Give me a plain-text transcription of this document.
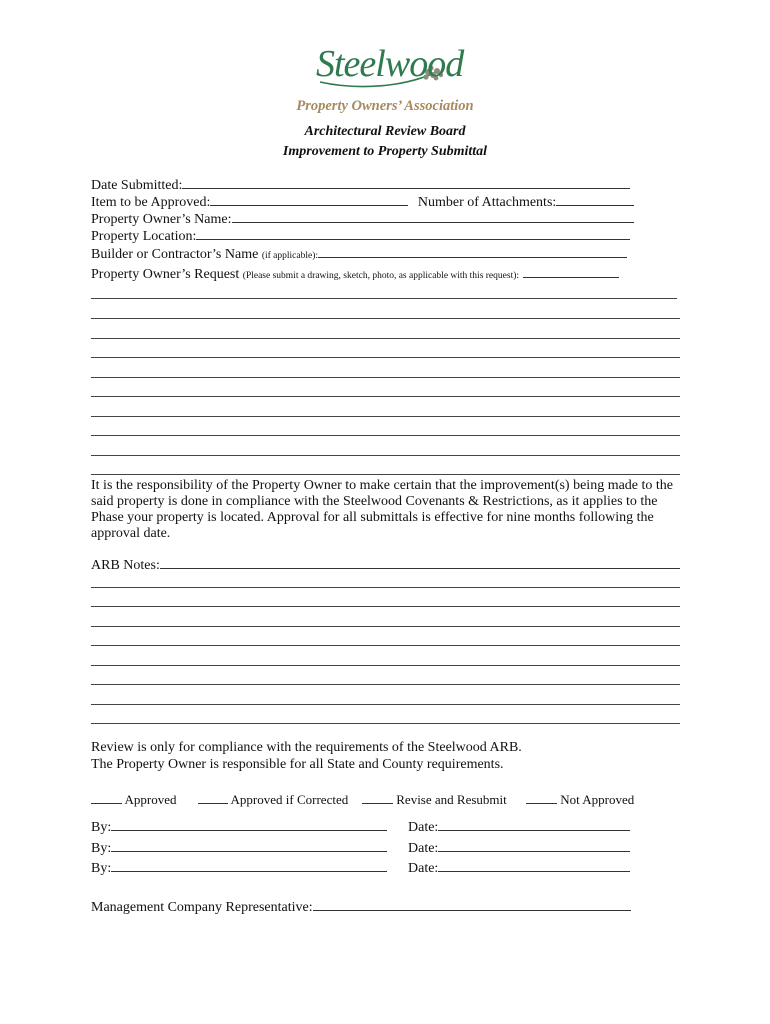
Steelwood
Property Owners’ Association
Architectural Review Board
Improvement to Property Submittal
Date Submitted:
Item to be Approved:	Number of Attachments:
Property Owner’s Name:
Property Location:
Builder or Contractor’s Name (if applicable):
Property Owner’s Request (Please submit a drawing, sketch, photo, as applicable with this request):
It is the responsibility of the Property Owner to make certain that the improvement(s) being made to the said property is done in compliance with the Steelwood Covenants & Restrictions, as it applies to the Phase your property is located. Approval for all submittals is effective for nine months following the approval date.
ARB Notes:
Review is only for compliance with the requirements of the Steelwood ARB.
The Property Owner is responsible for all State and County requirements.
Approved	Approved if Corrected	Revise and Resubmit	Not Approved
By:	Date:
By:	Date:
By:	Date:
Management Company Representative:
